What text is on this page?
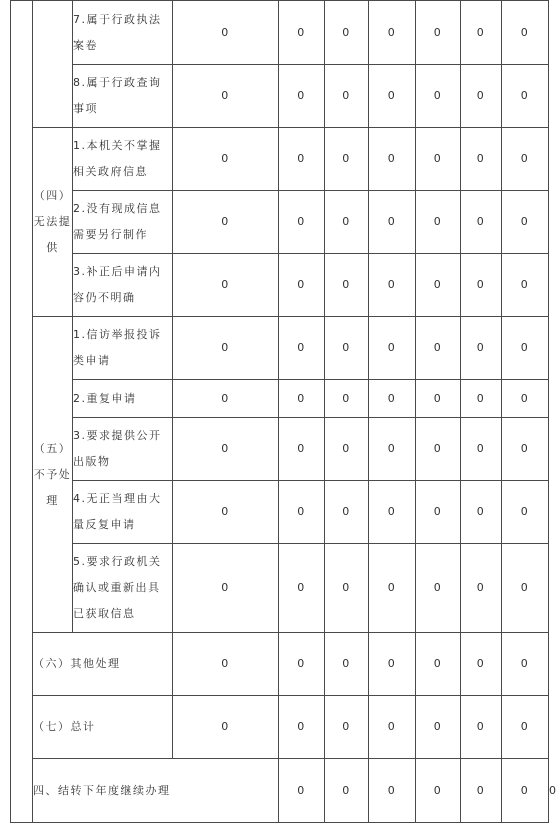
		7.属于行政执法案卷	0	0	0	0	0	0	0	
		8.属于行政查询事项	0	0	0	0	0	0	0	
	（四）无法提供	1.本机关不掌握相关政府信息	0	0	0	0	0	0	0	
		2.没有现成信息需要另行制作	0	0	0	0	0	0	0	
		3.补正后申请内容仍不明确	0	0	0	0	0	0	0	
	（五）不予处理	1.信访举报投诉类申请	0	0	0	0	0	0	0	
		2.重复申请	0	0	0	0	0	0	0	
		3.要求提供公开出版物	0	0	0	0	0	0	0	
		4.无正当理由大量反复申请	0	0	0	0	0	0	0	
		5.要求行政机关确认或重新出具已获取信息	0	0	0	0	0	0	0	
	（六）其他处理		0	0	0	0	0	0	0	
	（七）总计		0	0	0	0	0	0	0	
	四、结转下年度继续办理			0	0	0	0	0	0	0
